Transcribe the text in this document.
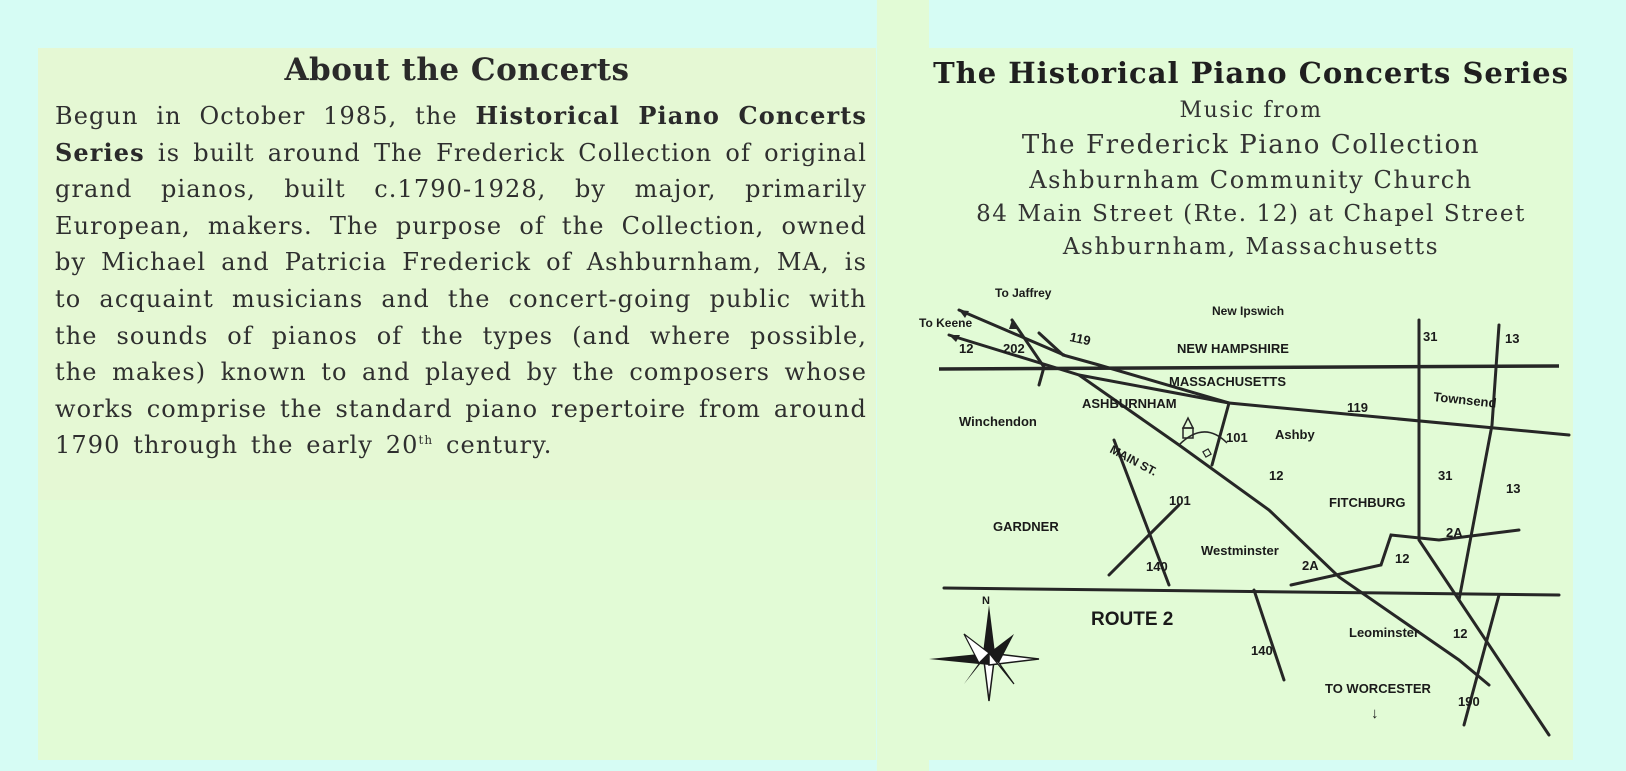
About the Concerts
Begun in October 1985, the Historical Piano Concerts Series is built around The Frederick Collection of original grand pianos, built c.1790-1928, by major, primarily European, makers. The purpose of the Collection, owned by Michael and Patricia Frederick of Ashburnham, MA, is to acquaint musicians and the concert-going public with the sounds of pianos of the types (and where possible, the makes) known to and played by the composers whose works comprise the standard piano repertoire from around 1790 through the early 20th century.
The Historical Piano Concerts Series
Music from
The Frederick Piano Collection
Ashburnham Community Church
84 Main Street (Rte. 12) at Chapel Street
Ashburnham, Massachusetts
To Jaffrey
New Ipswich
To Keene
NEW HAMPSHIRE
MASSACHUSETTS
Townsend
ASHBURNHAM
Winchendon
Ashby
MAIN ST.
FITCHBURG
GARDNER
Westminster
ROUTE 2
Leominster
TO WORCESTER
↓
N
119
12 202
31	13
119
101
12	31
13
101
2A
12
140	2A
12
140
190
